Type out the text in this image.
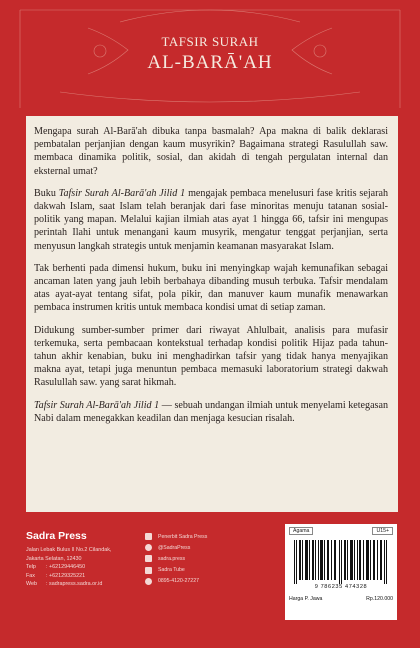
TAFSIR SURAH
AL-BARĀ'AH

Mengapa surah Al-Barā'ah dibuka tanpa basmalah? Apa makna di balik deklarasi pembatalan perjanjian dengan kaum musyrikin? Bagaimana strategi Rasulullah saw. membaca dinamika politik, sosial, dan akidah di tengah pergulatan internal dan eksternal umat?

Buku Tafsir Surah Al-Barā'ah Jilid 1 mengajak pembaca menelusuri fase kritis sejarah dakwah Islam, saat Islam telah beranjak dari fase minoritas menuju tatanan sosial-politik yang mapan. Melalui kajian ilmiah atas ayat 1 hingga 66, tafsir ini mengupas perintah Ilahi untuk menangani kaum musyrik, mengatur tenggat perjanjian, serta menyusun langkah strategis untuk menjamin keamanan masyarakat Islam.

Tak berhenti pada dimensi hukum, buku ini menyingkap wajah kemunafikan sebagai ancaman laten yang jauh lebih berbahaya dibanding musuh terbuka. Tafsir mendalam atas ayat-ayat tentang sifat, pola pikir, dan manuver kaum munafik menawarkan pembaca instrumen kritis untuk membaca kondisi umat di setiap zaman.

Didukung sumber-sumber primer dari riwayat Ahlulbait, analisis para mufasir terkemuka, serta pembacaan kontekstual terhadap kondisi politik Hijaz pada tahun-tahun akhir kenabian, buku ini menghadirkan tafsir yang tidak hanya menyajikan makna ayat, tetapi juga menuntun pembaca memasuki laboratorium strategi dakwah Rasulullah saw. yang sarat hikmah.

Tafsir Surah Al-Barā'ah Jilid 1 — sebuah undangan ilmiah untuk menyelami ketegasan Nabi dalam menegakkan keadilan dan menjaga kesucian risalah.

Sadra Press
Jalan Lebak Bulus II No.2 Cilandak,
Jakarta Selatan, 12430
Telp : +62129446450
Fax : +62129325221
Web : sadrapress.sadra.or.id
Penerbit Sadra Press
@SadraPress
sadra.press
Sadra Tube
0895-4120-27227
Agama	U15+
9 786235 474328
Harga P. Jawa	Rp.120.000
